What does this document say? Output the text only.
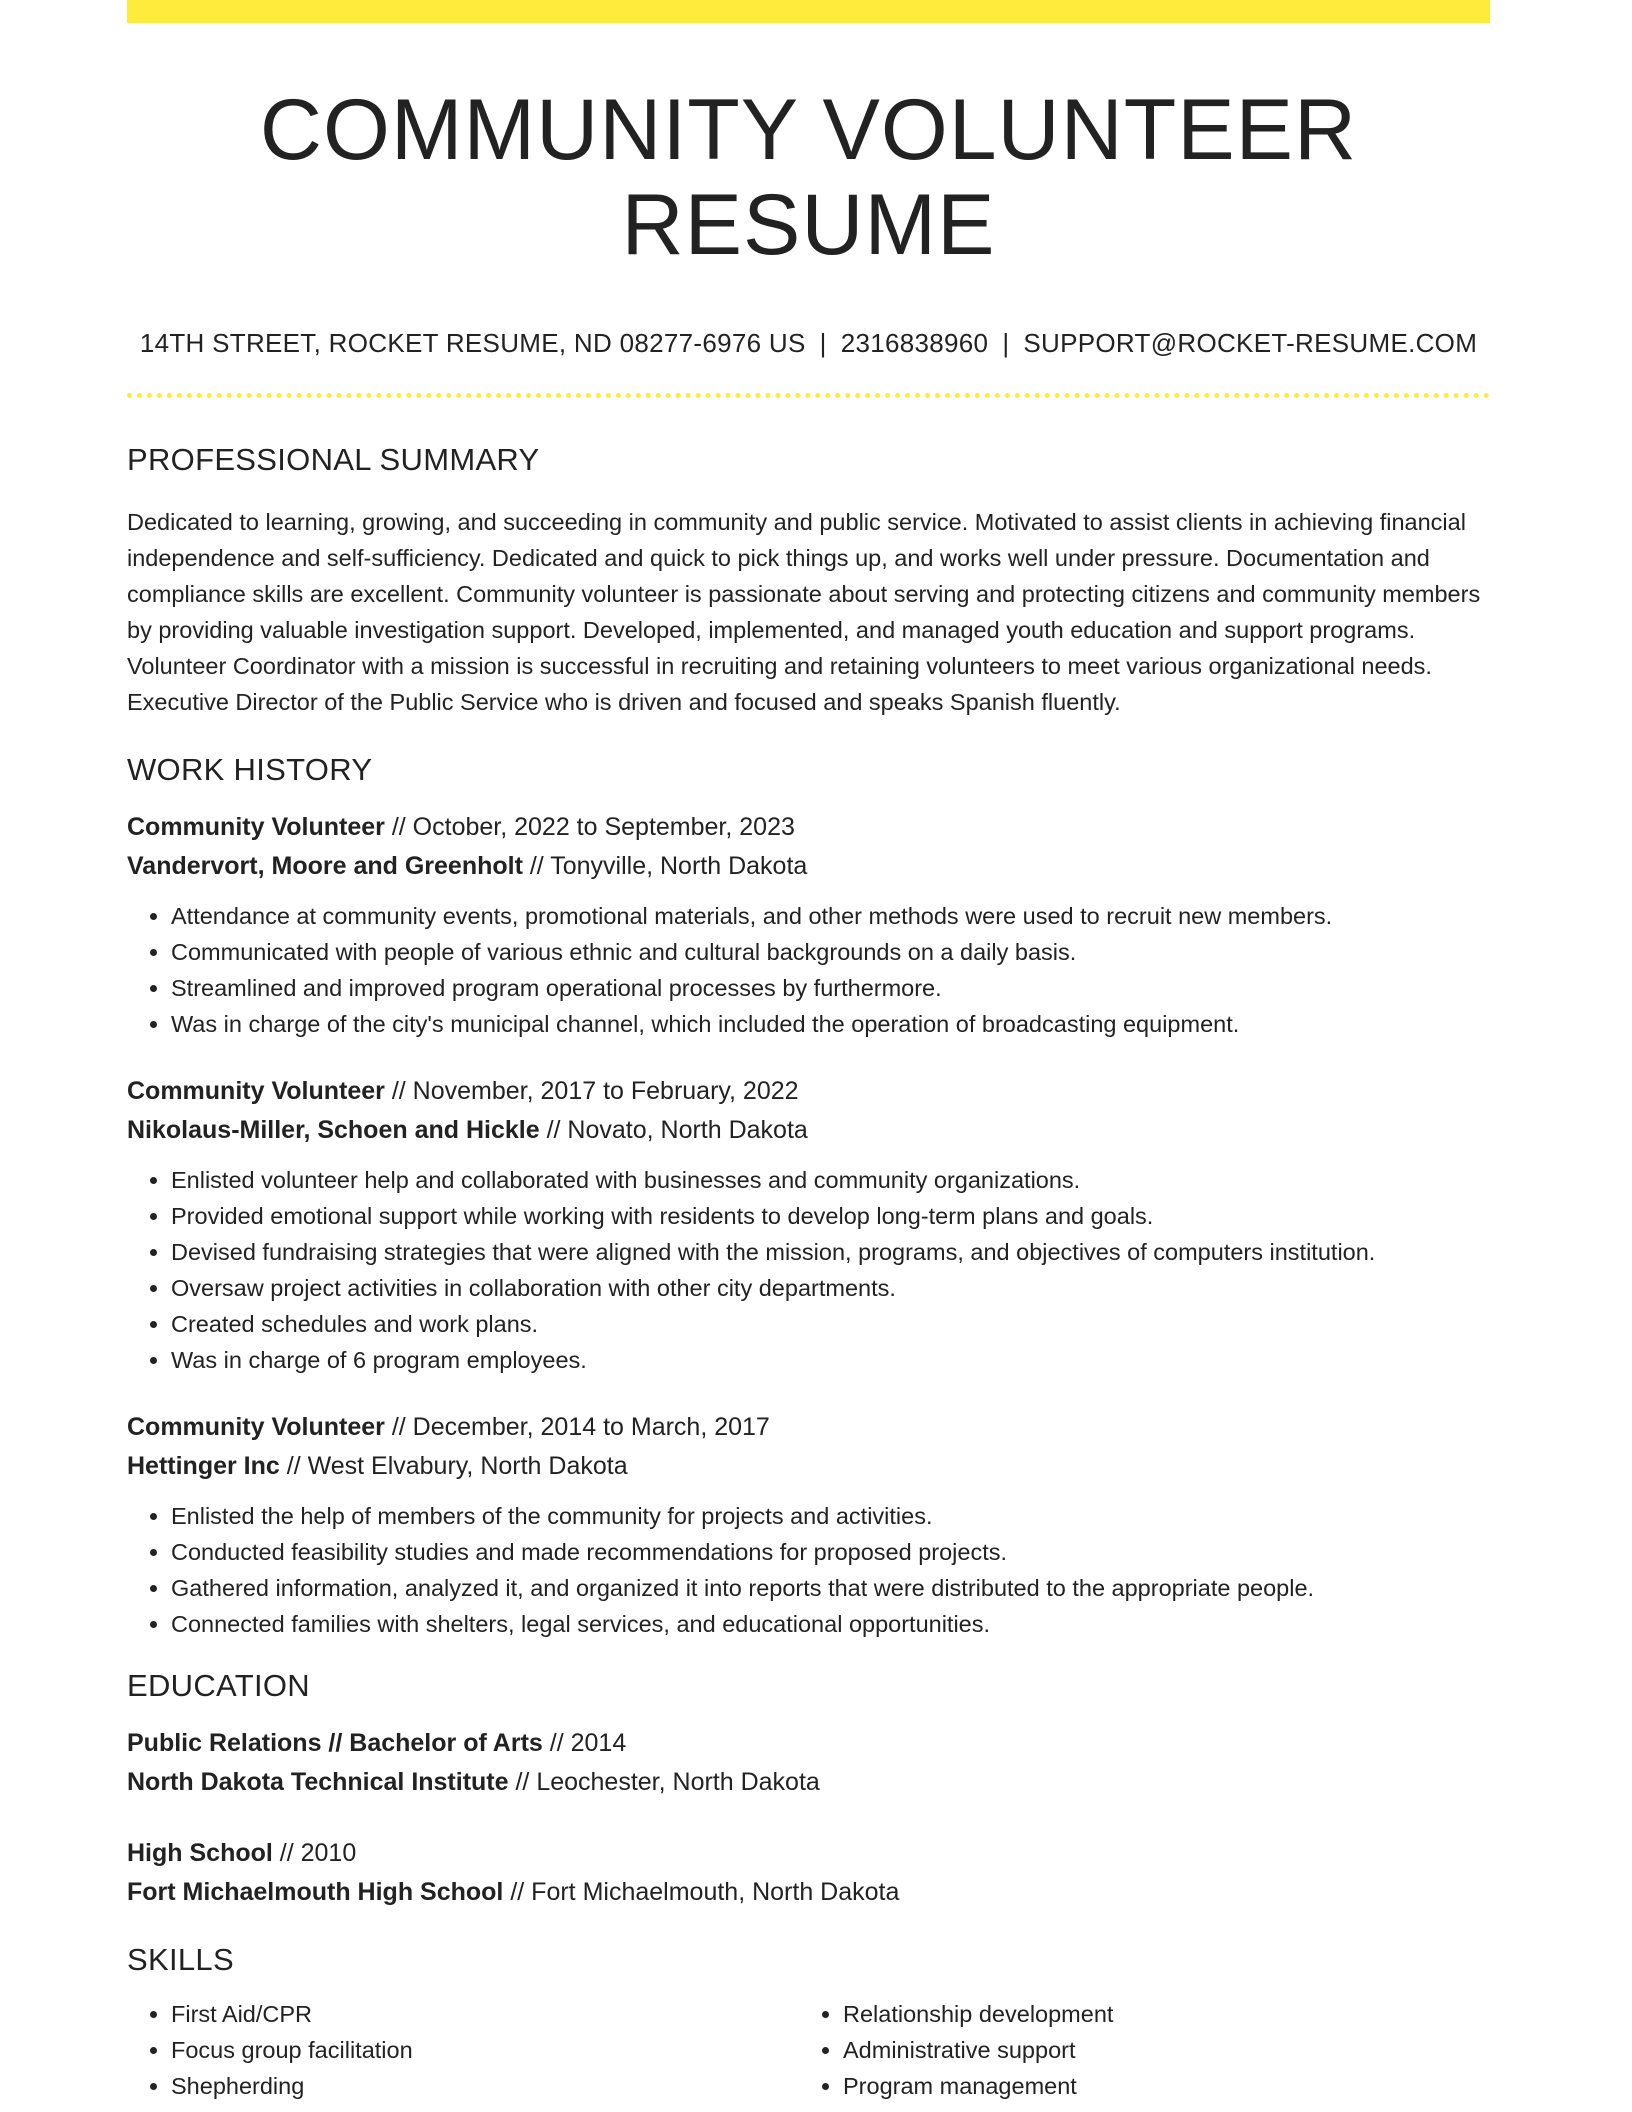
COMMUNITY VOLUNTEER RESUME
14TH STREET, ROCKET RESUME, ND 08277-6976 US | 2316838960 | SUPPORT@ROCKET-RESUME.COM
PROFESSIONAL SUMMARY

Dedicated to learning, growing, and succeeding in community and public service. Motivated to assist clients in achieving financial independence and self-sufficiency. Dedicated and quick to pick things up, and works well under pressure. Documentation and compliance skills are excellent. Community volunteer is passionate about serving and protecting citizens and community members by providing valuable investigation support. Developed, implemented, and managed youth education and support programs. Volunteer Coordinator with a mission is successful in recruiting and retaining volunteers to meet various organizational needs. Executive Director of the Public Service who is driven and focused and speaks Spanish fluently.

WORK HISTORY
Community Volunteer // October, 2022 to September, 2023
Vandervort, Moore and Greenholt // Tonyville, North Dakota
• Attendance at community events, promotional materials, and other methods were used to recruit new members.
• Communicated with people of various ethnic and cultural backgrounds on a daily basis.
• Streamlined and improved program operational processes by furthermore.
• Was in charge of the city's municipal channel, which included the operation of broadcasting equipment.
Community Volunteer // November, 2017 to February, 2022
Nikolaus-Miller, Schoen and Hickle // Novato, North Dakota
• Enlisted volunteer help and collaborated with businesses and community organizations.
• Provided emotional support while working with residents to develop long-term plans and goals.
• Devised fundraising strategies that were aligned with the mission, programs, and objectives of computers institution.
• Oversaw project activities in collaboration with other city departments.
• Created schedules and work plans.
• Was in charge of 6 program employees.
Community Volunteer // December, 2014 to March, 2017
Hettinger Inc // West Elvabury, North Dakota
• Enlisted the help of members of the community for projects and activities.
• Conducted feasibility studies and made recommendations for proposed projects.
• Gathered information, analyzed it, and organized it into reports that were distributed to the appropriate people.
• Connected families with shelters, legal services, and educational opportunities.
EDUCATION
Public Relations // Bachelor of Arts // 2014
North Dakota Technical Institute // Leochester, North Dakota
High School // 2010
Fort Michaelmouth High School // Fort Michaelmouth, North Dakota
SKILLS
• First Aid/CPR
• Focus group facilitation
• Shepherding
• Relationship development
• Administrative support
• Program management
